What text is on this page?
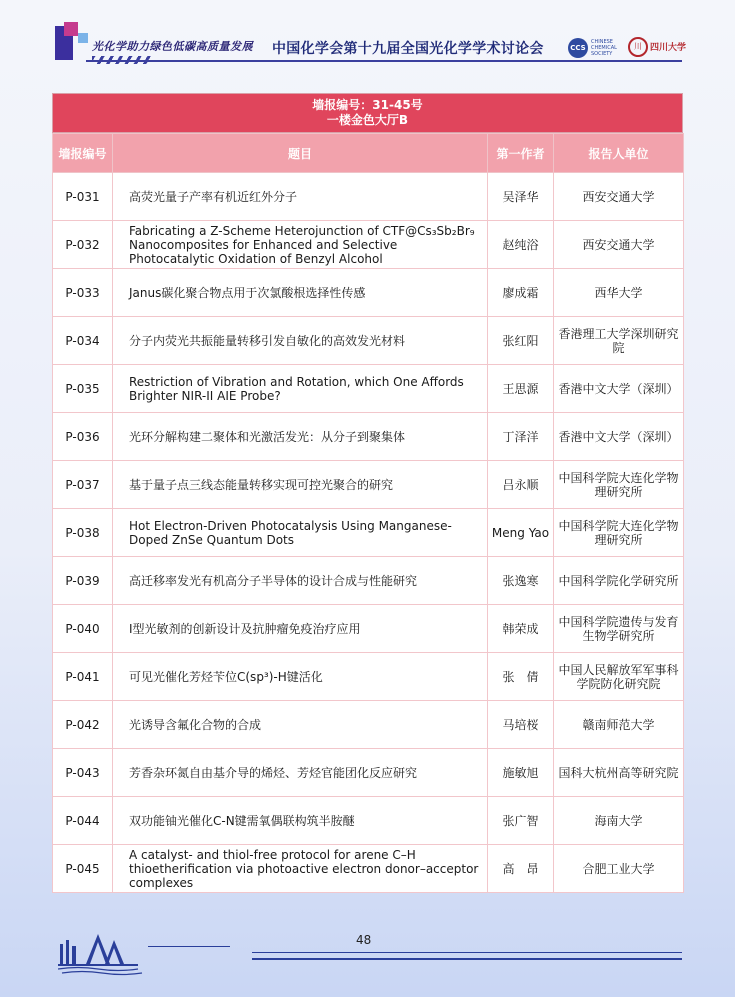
光化学助力绿色低碳高质量发展 中国化学会第十九届全国光化学学术讨论会	CCS
CHINESE CHEMICAL SOCIETY
川 四川大学
墙报编号：31-45号
一楼金色大厅B
墙报编号	题目	第一作者	报告人单位
P-031	高荧光量子产率有机近红外分子	吴泽华	西安交通大学
P-032	Fabricating a Z-Scheme Heterojunction of CTF@Cs₃Sb₂Br₉ Nanocomposites for Enhanced and Selective Photocatalytic Oxidation of Benzyl Alcohol	赵纯浴	西安交通大学
P-033	Janus碳化聚合物点用于次氯酸根选择性传感	廖成霜	西华大学
P-034	分子内荧光共振能量转移引发自敏化的高效发光材料	张红阳	香港理工大学深圳研究院
P-035	Restriction of Vibration and Rotation, which One Affords Brighter NIR-II AIE Probe?	王思源	香港中文大学（深圳）
P-036	光环分解构建二聚体和光激活发光：从分子到聚集体	丁泽洋	香港中文大学（深圳）
P-037	基于量子点三线态能量转移实现可控光聚合的研究	吕永顺	中国科学院大连化学物理研究所
P-038	Hot Electron-Driven Photocatalysis Using Manganese-Doped ZnSe Quantum Dots	Meng Yao	中国科学院大连化学物理研究所
P-039	高迁移率发光有机高分子半导体的设计合成与性能研究	张逸寒	中国科学院化学研究所
P-040	I型光敏剂的创新设计及抗肿瘤免疫治疗应用	韩荣成	中国科学院遗传与发育生物学研究所
P-041	可见光催化芳烃苄位C(sp³)-H键活化	张　倩	中国人民解放军军事科学院防化研究院
P-042	光诱导含氟化合物的合成	马培桜	赣南师范大学
P-043	芳香杂环氮自由基介导的烯烃、芳烃官能团化反应研究	施敏旭	国科大杭州高等研究院
P-044	双功能铀光催化C-N键需氧偶联构筑半胺醚	张广智	海南大学
P-045	A catalyst- and thiol-free protocol for arene C–H thioetherification via photoactive electron donor–acceptor complexes	高　昂	合肥工业大学
48
